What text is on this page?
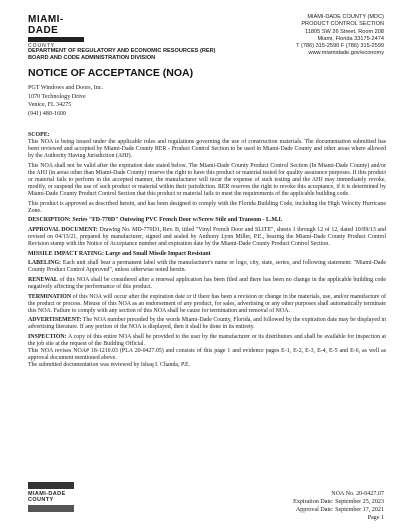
MIAMI-DADE
COUNTY
DEPARTMENT OF REGULATORY AND ECONOMIC RESOURCES (RER)
BOARD AND CODE ADMINISTRATION DIVISION
MIAMI-DADE COUNTY (MDC)
PRODUCT CONTROL SECTION
11805 SW 26 Street, Room 208
Miami, Florida 33175-2474
T (786) 315-2590 F (786) 315-2599
www.miamidade.gov/economy
NOTICE OF ACCEPTANCE (NOA)
PGT Windows and Doors, Inc.
1070 Technology Drive
Venice, FL 34275
(941) 480-1600

SCOPE:
This NOA is being issued under the applicable rules and regulations governing the use of construction materials. The documentation submitted has been reviewed and accepted by Miami-Dade County RER - Product Control Section to be used in Miami-Dade County and other areas where allowed by the Authority Having Jurisdiction (AHJ).

This NOA shall not be valid after the expiration date stated below. The Miami-Dade County Product Control Section (In Miami-Dade County) and/or the AHJ (in areas other than Miami-Dade County) reserve the right to have this product or material tested for quality assurance purposes. If this product or material fails to perform in the accepted manner, the manufacturer will incur the expense of such testing and the AHJ may immediately revoke, modify, or suspend the use of such product or material within their jurisdiction. RER reserves the right to revoke this acceptance, if it is determined by Miami-Dade County Product Control Section that this product or material fails to meet the requirements of the applicable building code.

This product is approved as described herein, and has been designed to comply with the Florida Building Code, including the High Velocity Hurricane Zone.

DESCRIPTION: Series "FD-770D" Outswing PVC French Door w/Screw Stile and Transom - L.M.I.

APPROVAL DOCUMENT: Drawing No. MD-770D1, Rev. B, titled "Vinyl French Door and SLITE", sheets 1 through 12 of 12, dated 10/09/13 and revised on 04/13/21, prepared by manufacturer, signed and sealed by Anthony Lynn Miller, P.E., bearing the Miami-Dade County Product Control Revision stamp with the Notice of Acceptance number and expiration date by the Miami-Dade County Product Control Section.

MISSILE IMPACT RATING: Large and Small Missile Impact Resistant

LABELING: Each unit shall bear a permanent label with the manufacturer's name or logo, city, state, series, and following statement: "Miami-Dade County Product Control Approved", unless otherwise noted herein.

RENEWAL of this NOA shall be considered after a renewal application has been filed and there has been no change in the applicable building code negatively affecting the performance of this product.

TERMINATION of this NOA will occur after the expiration date or if there has been a revision or change in the materials, use, and/or manufacture of the product or process. Misuse of this NOA as an endorsement of any product, for sales, advertising or any other purposes shall automatically terminate this NOA. Failure to comply with any section of this NOA shall be cause for termination and removal of NOA.

ADVERTISEMENT: The NOA number preceded by the words Miami-Dade County, Florida, and followed by the expiration date may be displayed in advertising literature. If any portion of the NOA is displayed, then it shall be done in its entirety.

INSPECTION: A copy of this entire NOA shall be provided to the user by the manufacturer or its distributors and shall be available for inspection at the job site at the request of the Building Official.
This NOA revises NOA# 18-1210.03 (PLA 20-0427.05) and consists of this page 1 and evidence pages E-1, E-2, E-3, E-4, E-5 and E-6, as well as approval document mentioned above.
The submitted documentation was reviewed by Ishaq I. Chanda, P.E.

MIAMI-DADE COUNTY
NOA No. 20-0427.07
Expiration Date: September 25, 2023
Approval Date: September 17, 2021
Page 1
